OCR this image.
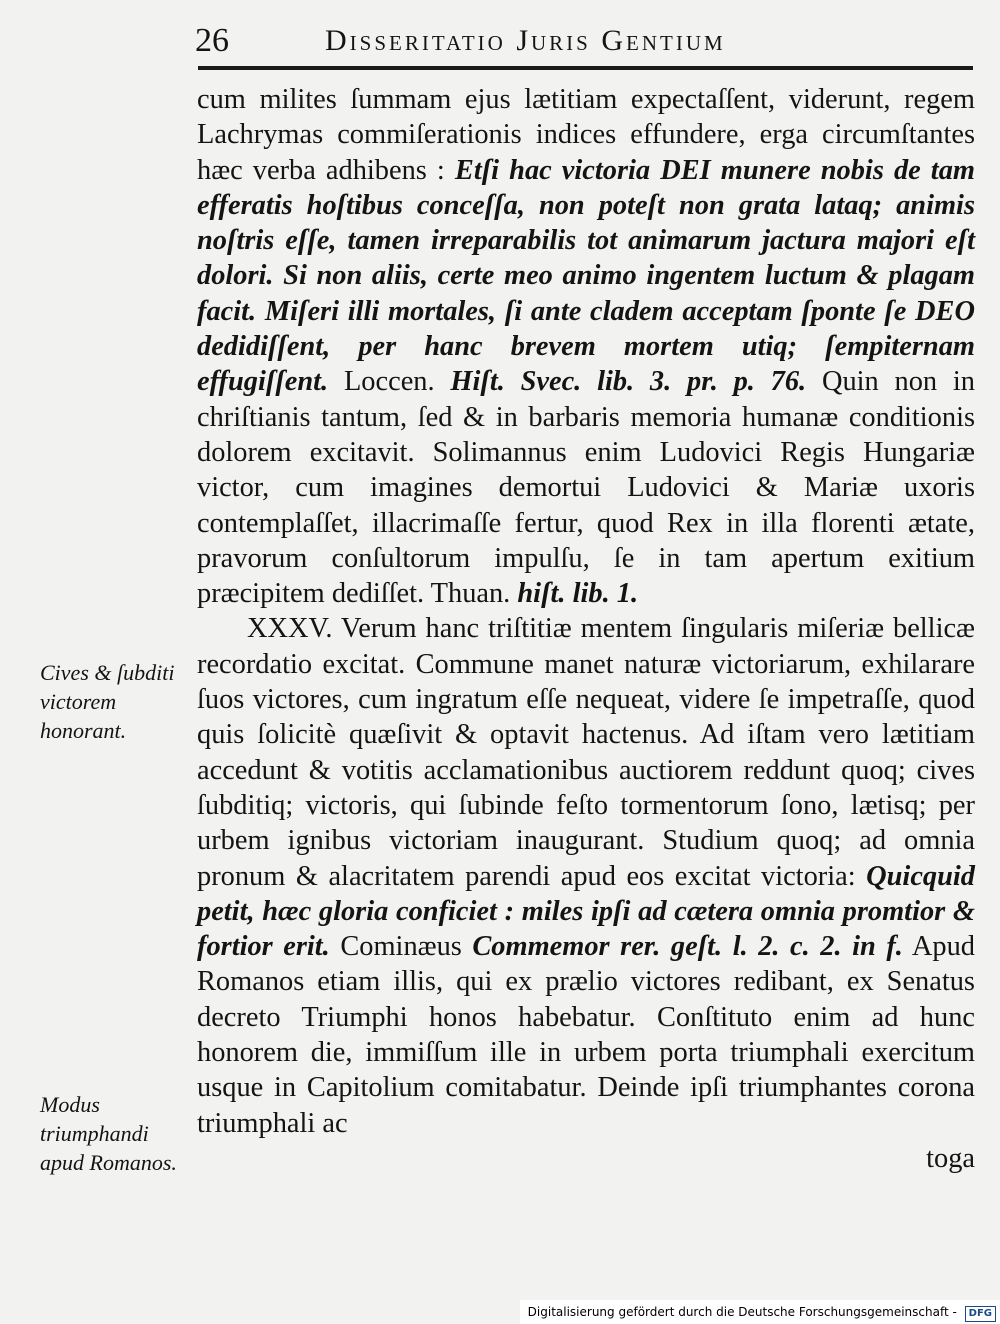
26	Disseritatio Juris Gentium

cum milites ſummam ejus lætitiam expectaſſent, viderunt, regem Lachrymas commiſerationis indices effundere, erga circumſtantes hæc verba adhibens : Etſi hac victoria DEI munere nobis de tam efferatis hoſtibus conceſſa, non poteſt non grata lataq; animis noſtris eſſe, tamen irreparabilis tot animarum jactura majori eſt dolori. Si non aliis, certe meo animo ingentem luctum & plagam facit. Miſeri illi mortales, ſi ante cladem acceptam ſponte ſe DEO dedidiſſent, per hanc brevem mortem utiq; ſempiternam effugiſſent. Loccen. Hiſt. Svec. lib. 3. pr. p. 76. Quin non in chriſtianis tantum, ſed & in barbaris memoria humanæ conditionis dolorem excitavit. Solimannus enim Ludovici Regis Hungariæ victor, cum imagines demortui Ludovici & Mariæ uxoris contemplaſſet, illacrimaſſe fertur, quod Rex in illa florenti ætate, pravorum conſultorum impulſu, ſe in tam apertum exitium præcipitem dediſſet. Thuan. hiſt. lib. 1.

XXXV. Verum hanc triſtitiæ mentem ſingularis miſeriæ bellicæ recordatio excitat. Commune manet naturæ victoriarum, exhilarare ſuos victores, cum ingratum eſſe nequeat, videre ſe impetraſſe, quod quis ſolicitè quæſivit & optavit hactenus. Ad iſtam vero lætitiam accedunt & votitis acclamationibus auctiorem reddunt quoq; cives ſubditiq; victoris, qui ſubinde feſto tormentorum ſono, lætisq; per urbem ignibus victoriam inaugurant. Studium quoq; ad omnia pronum & alacritatem parendi apud eos excitat victoria: Quicquid petit, hæc gloria conficiet : miles ipſi ad cætera omnia promtior & fortior erit. Cominæus Commemor rer. geſt. l. 2. c. 2. in f. Apud Romanos etiam illis, qui ex prælio victores redibant, ex Senatus decreto Triumphi honos habebatur. Conſtituto enim ad hunc honorem die, immiſſum ille in urbem porta triumphali exercitum usque in Capitolium comitabatur. Deinde ipſi triumphantes corona triumphali ac

toga

Cives & ſubditi victorem honorant.
Modus triumphandi apud Romanos.
Digitalisierung gefördert durch die Deutsche Forschungsgemeinschaft - DFG
